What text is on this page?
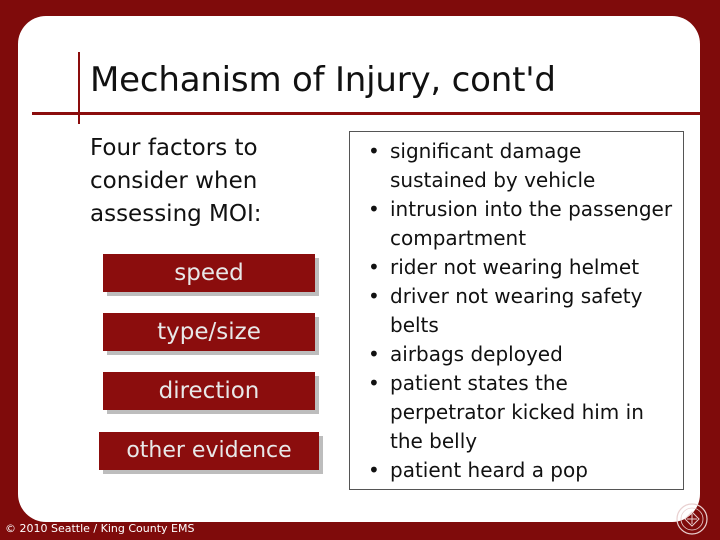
Mechanism of Injury, cont'd
Four factors to consider when assessing MOI:
speed
type/size
direction
other evidence
• significant damage sustained by vehicle
• intrusion into the passenger compartment
• rider not wearing helmet
• driver not wearing safety belts
• airbags deployed
• patient states the perpetrator kicked him in the belly
• patient heard a pop
© 2010 Seattle / King County EMS
